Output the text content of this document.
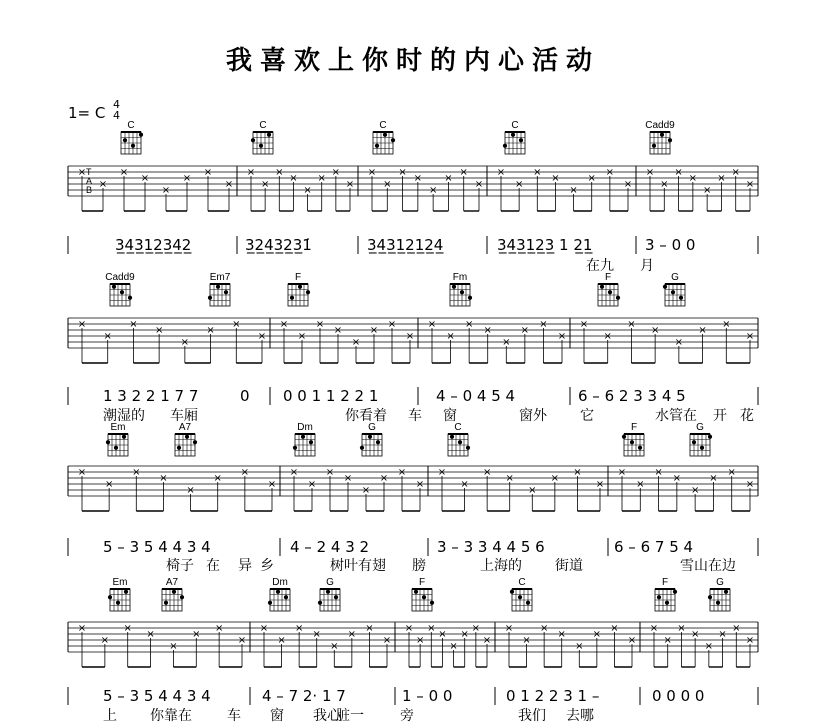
我喜欢上你时的内心活动
1= C 4
4
T
A
B
×
×
×
×
×
×
×
×
×
×
×
×
×
×
×
×
×
×
×
×
×
×
×
×
×
×
×
×
×
×
×
×
×
×
×
×
×
×
×
×
3̲4̲3̲1̲2̲3̲4̲2̲	3̲2̲4̲3̲2̲3̲1̇	3̲4̲3̲1̲2̲1̲2̲4̲	3̲4̲3̲1̲2̲3̲ 1 2̲1̲	3 – 0 0
在九 月
C	C	C	C	Cadd9
×
×
×
×
×
×
×
×
×
×
×
×
×
×
×
×
×
×
×
×
×
×
×
×
×
×
×
×
×
×
×
×
1 3 2 2 1 7 7	0 0 0 1 1 2 2 1	4 – 0 4 5 4	6 – 6 2 3 3 4 5
潮湿的 车厢	你看着 车 窗	窗外 它	水管在 开 花
Cadd9	Em7	F	Fm	F	G
×
×
×
×
×
×
×
×
×
×
×
×
×
×
×
×
×
×
×
×
×
×
×
×
×
×
×
×
×
×
×
×
5 – 3 5 4 4 3 4	4 – 2 4 3 2	3 – 3 3 4 4 5 6	6 – 6 7 5 4
椅子 在 异 乡	树叶有翅 膀	上海的 街道	雪山在边
Em	A7	Dm	G	C	F	G
×
×
×
×
×
×
×
×
×
×
×
×
×
×
×
×
×
×
×
×
×
×
×
×
×
×
×
×
×
×
×
×
×
×
×
×
×
×
×
×
5 – 3 5 4 4 3 4	4 – 7 2· 1 7	1 – 0 0	0 1 2 2 3 1 –	0 0 0 0
上 你靠在	车 窗 我心
脏一	旁	我们 去哪
Em	A7	Dm	G	F	C	F	G
